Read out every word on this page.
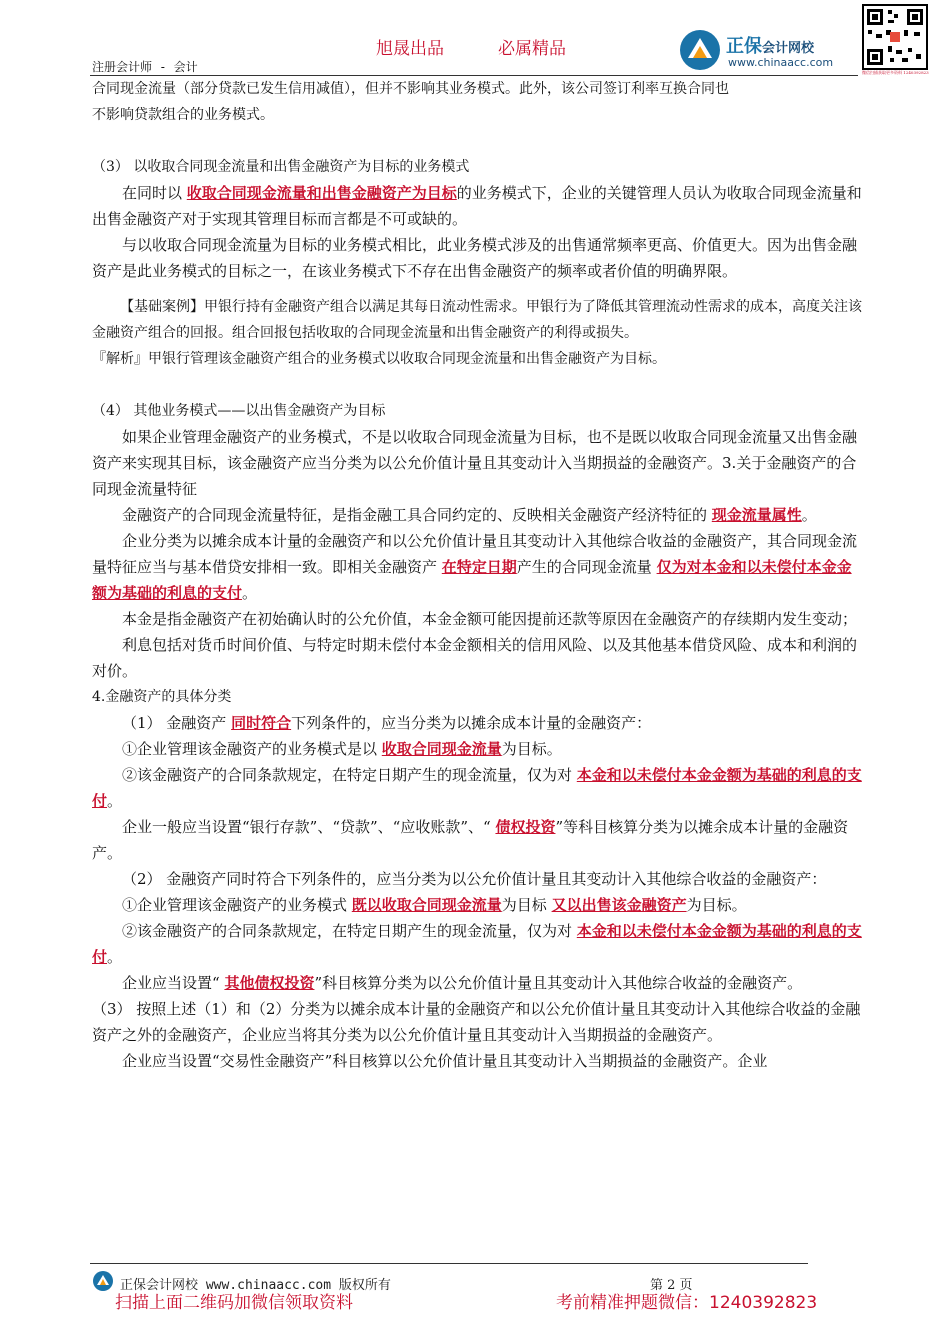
旭晟出品	必属精品
注册会计师 - 会计
正保会计网校
www.chinaacc.com
微信扫描获取更多资料 1240392823

合同现金流量（部分贷款已发生信用减值），但并不影响其业务模式。此外，该公司签订利率互换合同也

不影响贷款组合的业务模式。

（3） 以收取合同现金流量和出售金融资产为目标的业务模式

在同时以 收取合同现金流量和出售金融资产为目标的业务模式下，企业的关键管理人员认为收取合同现金流量和出售金融资产对于实现其管理目标而言都是不可或缺的。

与以收取合同现金流量为目标的业务模式相比，此业务模式涉及的出售通常频率更高、价值更大。因为出售金融资产是此业务模式的目标之一，在该业务模式下不存在出售金融资产的频率或者价值的明确界限。

【基础案例】甲银行持有金融资产组合以满足其每日流动性需求。甲银行为了降低其管理流动性需求的成本，高度关注该金融资产组合的回报。组合回报包括收取的合同现金流量和出售金融资产的利得或损失。

『解析』甲银行管理该金融资产组合的业务模式以收取合同现金流量和出售金融资产为目标。

（4） 其他业务模式——以出售金融资产为目标

如果企业管理金融资产的业务模式，不是以收取合同现金流量为目标，也不是既以收取合同现金流量又出售金融资产来实现其目标，该金融资产应当分类为以公允价值计量且其变动计入当期损益的金融资产。3.关于金融资产的合同现金流量特征

金融资产的合同现金流量特征，是指金融工具合同约定的、反映相关金融资产经济特征的 现金流量属性。

企业分类为以摊余成本计量的金融资产和以公允价值计量且其变动计入其他综合收益的金融资产，其合同现金流量特征应当与基本借贷安排相一致。即相关金融资产 在特定日期产生的合同现金流量 仅为对本金和以未偿付本金金额为基础的利息的支付。

本金是指金融资产在初始确认时的公允价值，本金金额可能因提前还款等原因在金融资产的存续期内发生变动；

利息包括对货币时间价值、与特定时期未偿付本金金额相关的信用风险、以及其他基本借贷风险、成本和利润的对价。

4.金融资产的具体分类

（1） 金融资产 同时符合下列条件的，应当分类为以摊余成本计量的金融资产：

①企业管理该金融资产的业务模式是以 收取合同现金流量为目标。

②该金融资产的合同条款规定，在特定日期产生的现金流量，仅为对 本金和以未偿付本金金额为基础的利息的支付。

企业一般应当设置“银行存款”、“贷款”、“应收账款”、“ 债权投资”等科目核算分类为以摊余成本计量的金融资产。

（2） 金融资产同时符合下列条件的，应当分类为以公允价值计量且其变动计入其他综合收益的金融资产：

①企业管理该金融资产的业务模式 既以收取合同现金流量为目标 又以出售该金融资产为目标。

②该金融资产的合同条款规定，在特定日期产生的现金流量，仅为对 本金和以未偿付本金金额为基础的利息的支付。

企业应当设置“ 其他债权投资”科目核算分类为以公允价值计量且其变动计入其他综合收益的金融资产。

（3） 按照上述（1）和（2）分类为以摊余成本计量的金融资产和以公允价值计量且其变动计入其他综合收益的金融资产之外的金融资产，企业应当将其分类为以公允价值计量且其变动计入当期损益的金融资产。

企业应当设置“交易性金融资产”科目核算以公允价值计量且其变动计入当期损益的金融资产。企业

正保会计网校 www.chinaacc.com 版权所有	第 2 页
扫描上面二维码加微信领取资料	考前精准押题微信：1240392823
